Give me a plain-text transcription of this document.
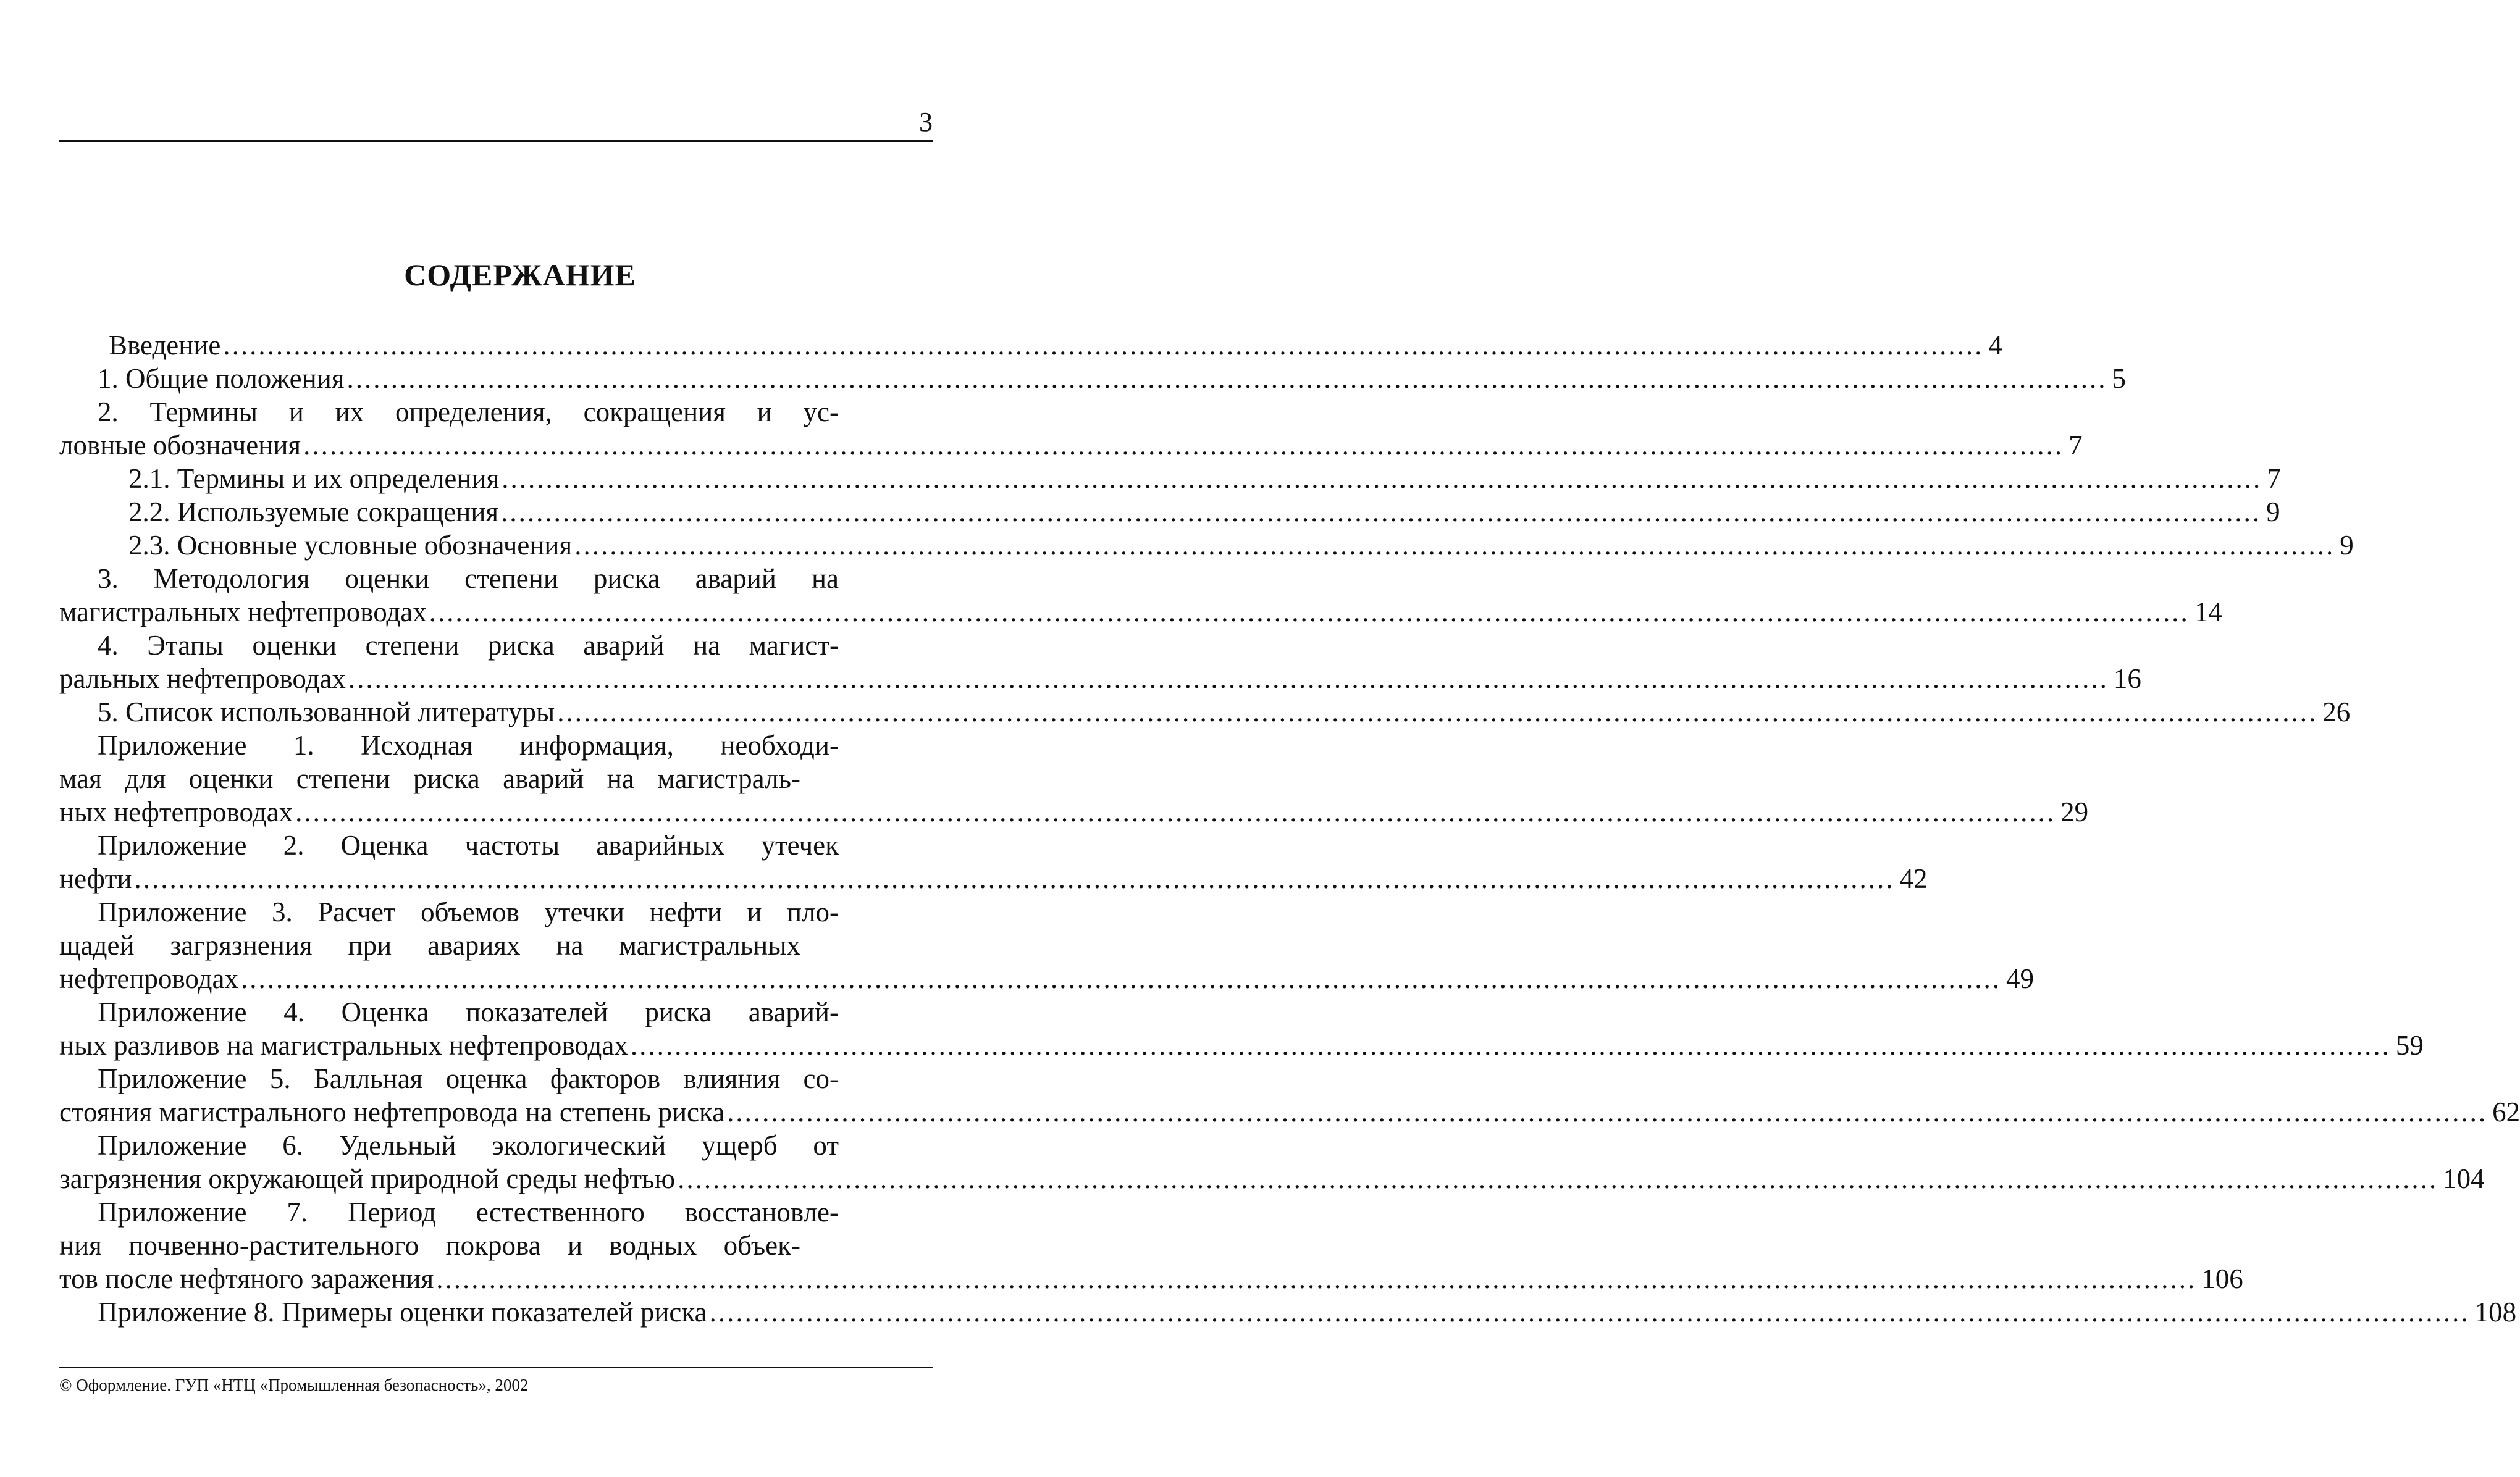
3
СОДЕРЖАНИЕ
Введение ........................................................................................................................................................................................................ 4
1. Общие положения ........................................................................................................................................................................................................ 5
2. Термины и их определения, сокращения и ус-
ловные обозначения ........................................................................................................................................................................................................ 7
2.1. Термины и их определения ........................................................................................................................................................................................................ 7
2.2. Используемые сокращения ........................................................................................................................................................................................................ 9
2.3. Основные условные обозначения ........................................................................................................................................................................................................ 9
3. Методология оценки степени риска аварий на
магистральных нефтепроводах ........................................................................................................................................................................................................ 14
4. Этапы оценки степени риска аварий на магист-
ральных нефтепроводах ........................................................................................................................................................................................................ 16
5. Список использованной литературы ........................................................................................................................................................................................................ 26
Приложение 1. Исходная информация, необходи-
мая для оценки степени риска аварий на магистраль-
ных нефтепроводах ........................................................................................................................................................................................................ 29
Приложение 2. Оценка частоты аварийных утечек
нефти ........................................................................................................................................................................................................ 42
Приложение 3. Расчет объемов утечки нефти и пло-
щадей загрязнения при авариях на магистральных
нефтепроводах ........................................................................................................................................................................................................ 49
Приложение 4. Оценка показателей риска аварий-
ных разливов на магистральных нефтепроводах ........................................................................................................................................................................................................ 59
Приложение 5. Балльная оценка факторов влияния со-
стояния магистрального нефтепровода на степень риска ........................................................................................................................................................................................................ 62
Приложение 6. Удельный экологический ущерб от
загрязнения окружающей природной среды нефтью ........................................................................................................................................................................................................ 104
Приложение 7. Период естественного восстановле-
ния почвенно-растительного покрова и водных объек-
тов после нефтяного заражения ........................................................................................................................................................................................................ 106
Приложение 8. Примеры оценки показателей риска ........................................................................................................................................................................................................ 108
© Оформление. ГУП «НТЦ «Промышленная безопасность», 2002
